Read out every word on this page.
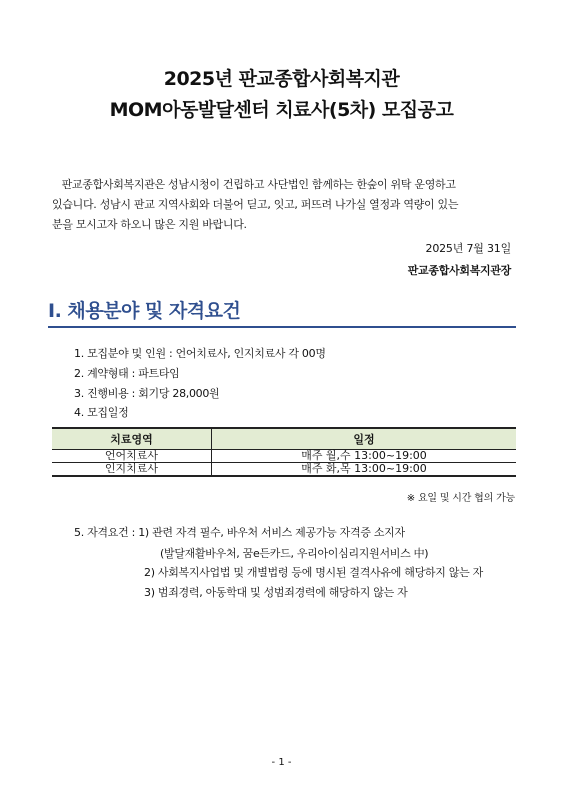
2025년 판교종합사회복지관
MOM아동발달센터 치료사(5차) 모집공고

판교종합사회복지관은 성남시청이 건립하고 사단법인 함께하는 한숲이 위탁 운영하고

있습니다. 성남시 판교 지역사회와 더불어 딛고, 잇고, 퍼뜨려 나가실 열정과 역량이 있는

분을 모시고자 하오니 많은 지원 바랍니다.

2025년 7월 31일
판교종합사회복지관장
Ⅰ. 채용분야 및 자격요건
1. 모집분야 및 인원 : 언어치료사, 인지치료사 각 00명
2. 계약형태 : 파트타임
3. 진행비용 : 회기당 28,000원
4. 모집일정
치료영역	일정
언어치료사	매주 월,수 13:00~19:00
인지치료사	매주 화,목 13:00~19:00
※ 요일 및 시간 협의 가능
5. 자격요건 : 1) 관련 자격 필수, 바우처 서비스 제공가능 자격증 소지자
(발달재활바우처, 꿈e든카드, 우리아이심리지원서비스 中)
2) 사회복지사업법 및 개별법령 등에 명시된 결격사유에 해당하지 않는 자
3) 범죄경력, 아동학대 및 성범죄경력에 해당하지 않는 자
- 1 -
